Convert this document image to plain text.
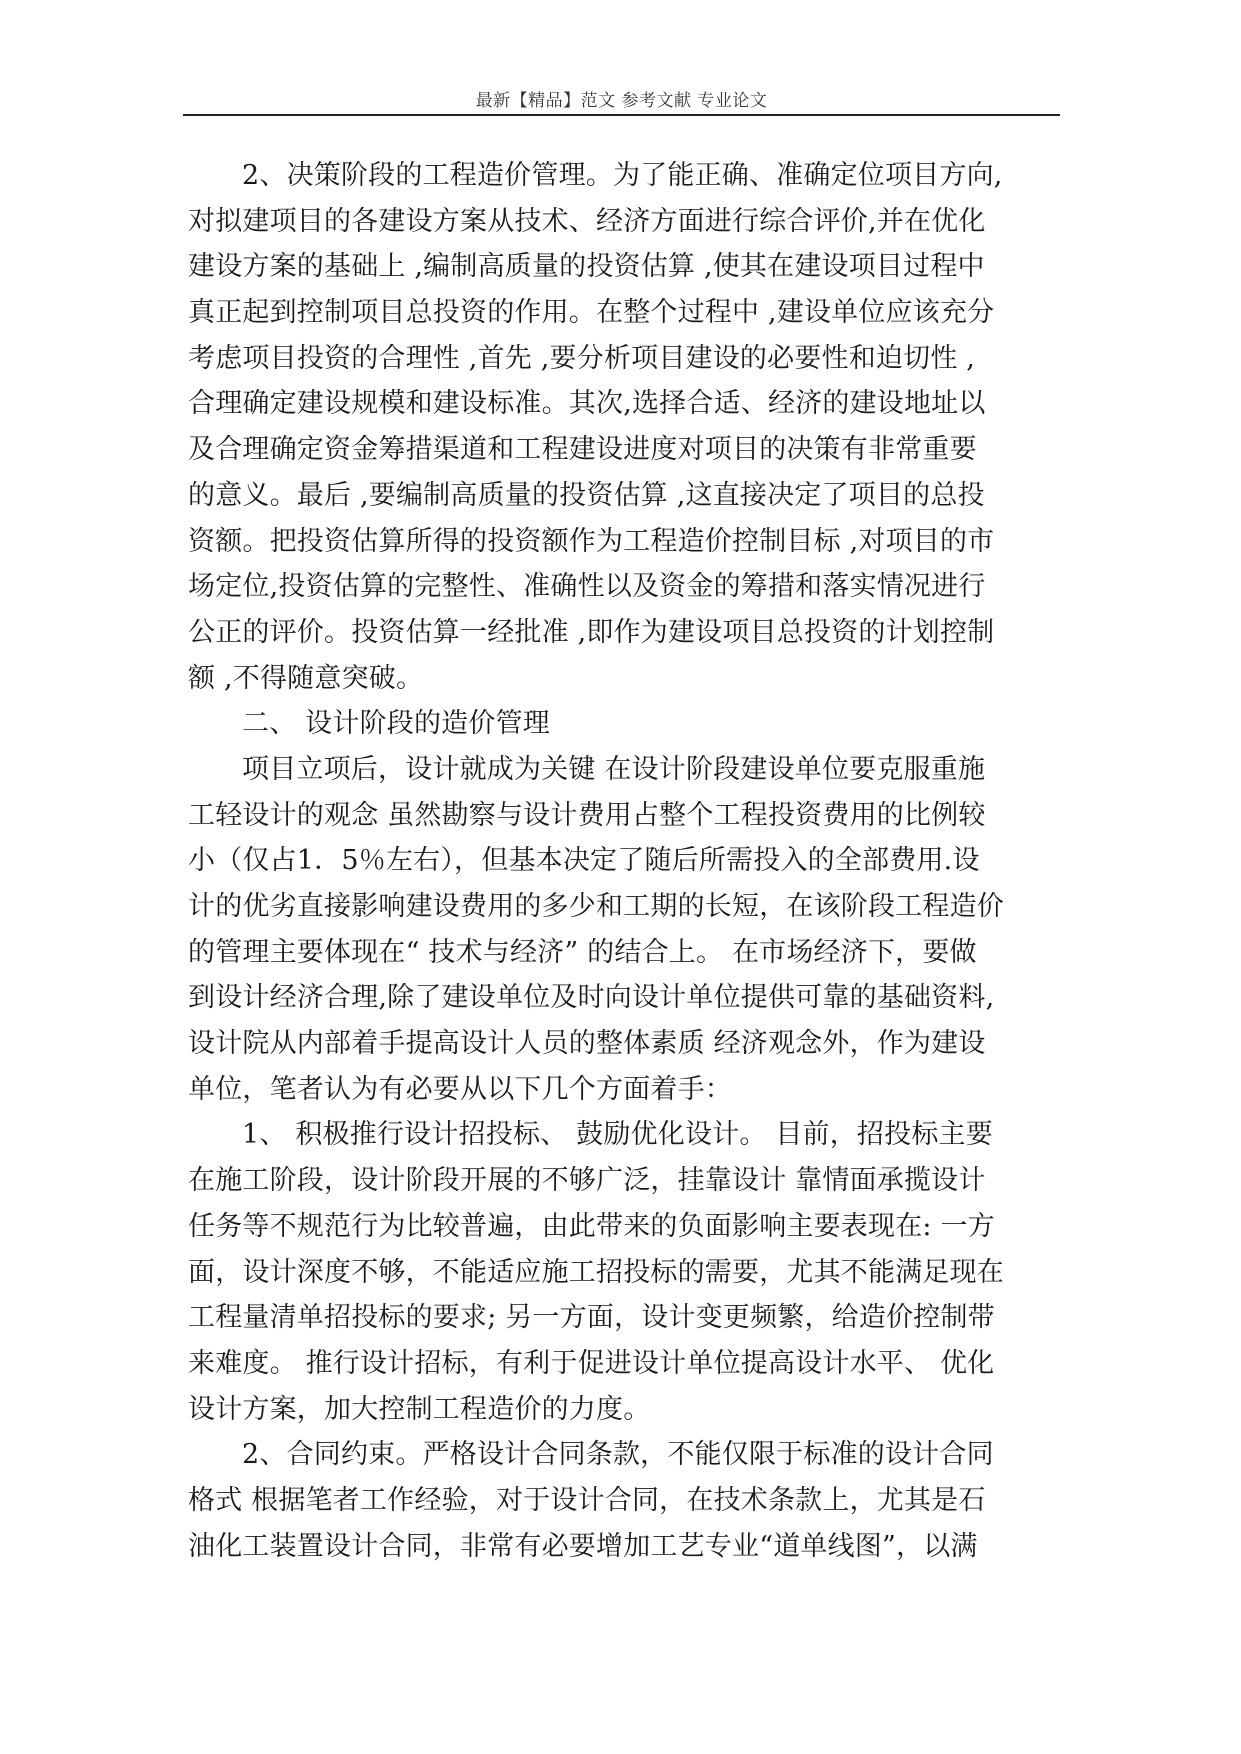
最新【精品】范文 参考文献 专业论文
2、决策阶段的工程造价管理。为了能正确、准确定位项目方向,
对拟建项目的各建设方案从技术、经济方面进行综合评价,并在优化
建设方案的基础上 ,编制高质量的投资估算 ,使其在建设项目过程中
真正起到控制项目总投资的作用。在整个过程中 ,建设单位应该充分
考虑项目投资的合理性 ,首先 ,要分析项目建设的必要性和迫切性 ,
合理确定建设规模和建设标准。其次,选择合适、经济的建设地址以
及合理确定资金筹措渠道和工程建设进度对项目的决策有非常重要
的意义。最后 ,要编制高质量的投资估算 ,这直接决定了项目的总投
资额。把投资估算所得的投资额作为工程造价控制目标 ,对项目的市
场定位,投资估算的完整性、准确性以及资金的筹措和落实情况进行
公正的评价。投资估算一经批准 ,即作为建设项目总投资的计划控制
额 ,不得随意突破。
二、 设计阶段的造价管理
项目立项后，设计就成为关键 在设计阶段建设单位要克服重施
工轻设计的观念 虽然勘察与设计费用占整个工程投资费用的比例较
小（仅占1．5％左右），但基本决定了随后所需投入的全部费用.设
计的优劣直接影响建设费用的多少和工期的长短，在该阶段工程造价
的管理主要体现在“ 技术与经济” 的结合上。 在市场经济下，要做
到设计经济合理,除了建设单位及时向设计单位提供可靠的基础资料,
设计院从内部着手提高设计人员的整体素质 经济观念外，作为建设
单位，笔者认为有必要从以下几个方面着手：
1、 积极推行设计招投标、 鼓励优化设计。 目前，招投标主要
在施工阶段，设计阶段开展的不够广泛，挂靠设计 靠情面承揽设计
任务等不规范行为比较普遍，由此带来的负面影响主要表现在: 一方
面，设计深度不够，不能适应施工招投标的需要，尤其不能满足现在
工程量清单招投标的要求; 另一方面，设计变更频繁，给造价控制带
来难度。 推行设计招标，有利于促进设计单位提高设计水平、 优化
设计方案，加大控制工程造价的力度。
2、合同约束。严格设计合同条款，不能仅限于标准的设计合同
格式 根据笔者工作经验，对于设计合同，在技术条款上，尤其是石
油化工装置设计合同，非常有必要增加工艺专业“道单线图”，以满
